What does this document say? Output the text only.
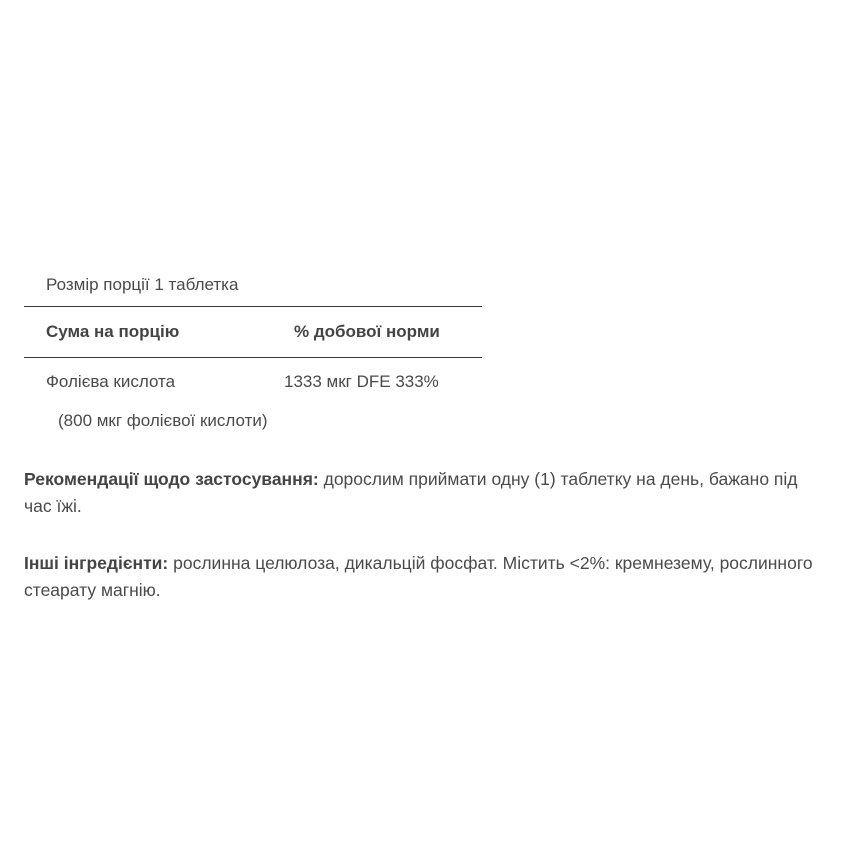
Розмір порції 1 таблетка
Сума на порцію	% добової норми
Фолієва кислота	1333 мкг DFE 333%
(800 мкг фолієвої кислоти)
Рекомендації щодо застосування: дорослим приймати одну (1) таблетку на день, бажано під час їжі.
Інші інгредієнти: рослинна целюлоза, дикальцій фосфат. Містить <2%: кремнезему, рослинного стеарату магнію.
